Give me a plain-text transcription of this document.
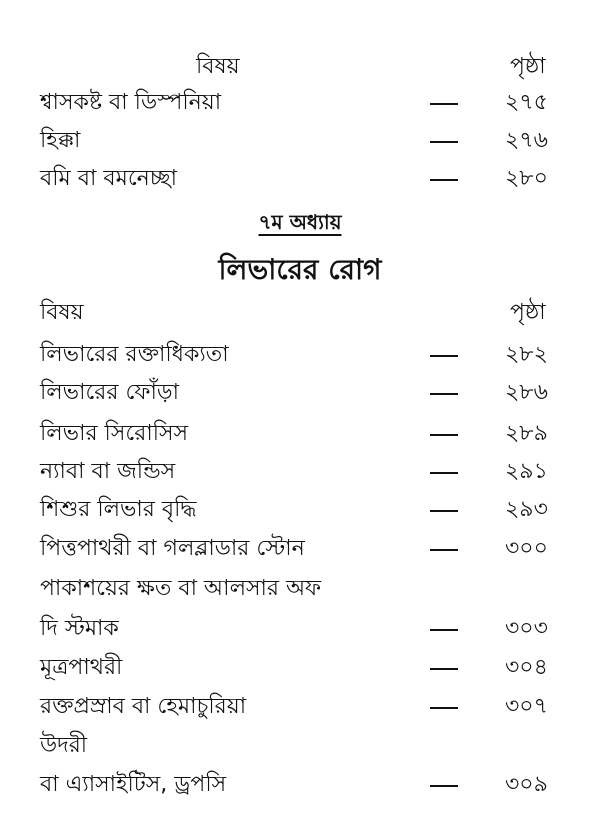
বিষয়	পৃষ্ঠা
শ্বাসকষ্ট বা ডিস্পনিয়া	২৭৫
হিক্কা	২৭৬
বমি বা বমনেচ্ছা	২৮০
৭ম অধ্যায়
লিভারের রোগ
বিষয়	পৃষ্ঠা
লিভারের রক্তাধিক্যতা	২৮২
লিভারের ফোঁড়া	২৮৬
লিভার সিরোসিস	২৮৯
ন্যাবা বা জন্ডিস	২৯১
শিশুর লিভার বৃদ্ধি	২৯৩
পিত্তপাথরী বা গলব্লাডার স্টোন	৩০০
পাকাশয়ের ক্ষত বা আলসার অফ
দি স্টমাক	৩০৩
মূত্রপাথরী	৩০৪
রক্তপ্রস্রাব বা হেমাচুরিয়া	৩০৭
উদরী
বা এ্যাসাইটিস, ড্রপসি	৩০৯
